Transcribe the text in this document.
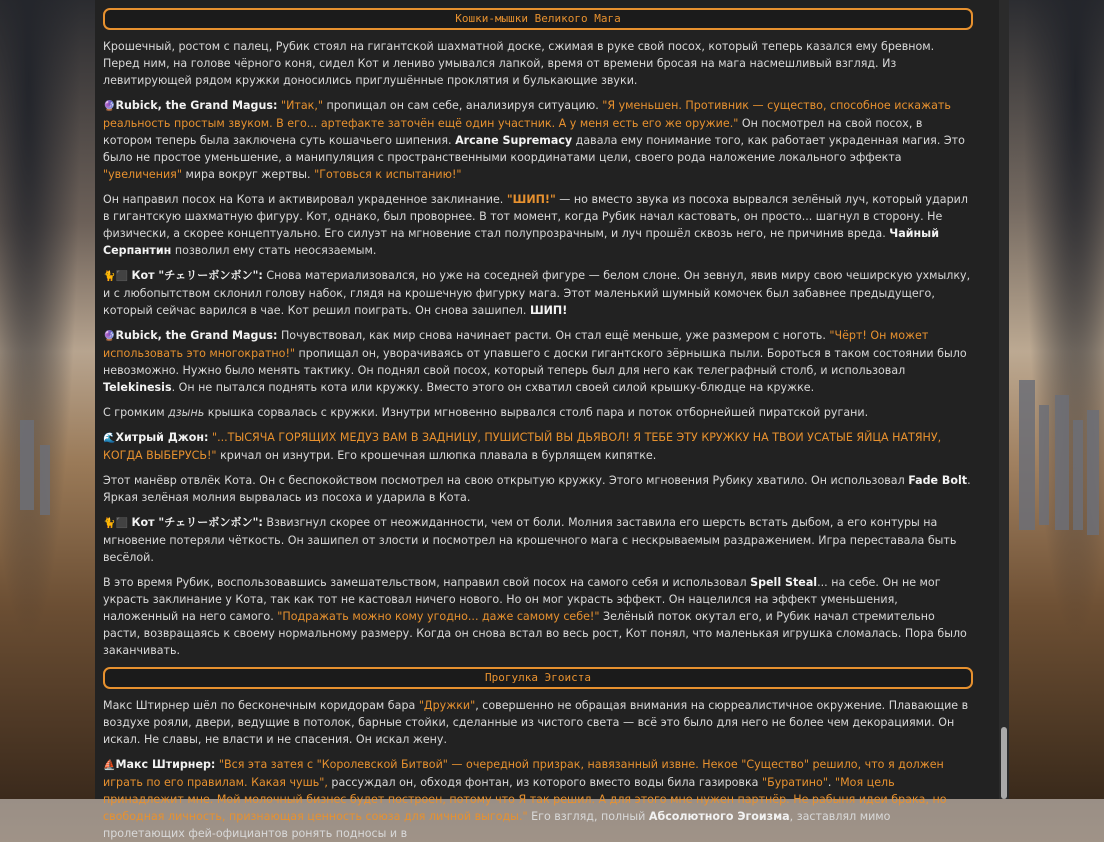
Кошки-мышки Великого Мага

Крошечный, ростом с палец, Рубик стоял на гигантской шахматной доске, сжимая в руке свой посох, который теперь казался ему бревном. Перед ним, на голове чёрного коня, сидел Кот и лениво умывался лапкой, время от времени бросая на мага насмешливый взгляд. Из левитирующей рядом кружки доносились приглушённые проклятия и булькающие звуки.

🔮Rubick, the Grand Magus: "Итак," пропищал он сам себе, анализируя ситуацию. "Я уменьшен. Противник — существо, способное искажать реальность простым звуком. В его... артефакте заточён ещё один участник. А у меня есть его же оружие." Он посмотрел на свой посох, в котором теперь была заключена суть кошачьего шипения. Arcane Supremacy давала ему понимание того, как работает украденная магия. Это было не простое уменьшение, а манипуляция с пространственными координатами цели, своего рода наложение локального эффекта "увеличения" мира вокруг жертвы. "Готовься к испытанию!"

Он направил посох на Кота и активировал украденное заклинание. "ШИП!" — но вместо звука из посоха вырвался зелёный луч, который ударил в гигантскую шахматную фигуру. Кот, однако, был проворнее. В тот момент, когда Рубик начал кастовать, он просто... шагнул в сторону. Не физически, а скорее концептуально. Его силуэт на мгновение стал полупрозрачным, и луч прошёл сквозь него, не причинив вреда. Чайный Серпантин позволил ему стать неосязаемым.

🐈⬛ Кот "チェリーボンボン": Снова материализовался, но уже на соседней фигуре — белом слоне. Он зевнул, явив миру свою чеширскую ухмылку, и с любопытством склонил голову набок, глядя на крошечную фигурку мага. Этот маленький шумный комочек был забавнее предыдущего, который сейчас варился в чае. Кот решил поиграть. Он снова зашипел. ШИП!

🔮Rubick, the Grand Magus: Почувствовал, как мир снова начинает расти. Он стал ещё меньше, уже размером с ноготь. "Чёрт! Он может использовать это многократно!" пропищал он, уворачиваясь от упавшего с доски гигантского зёрнышка пыли. Бороться в таком состоянии было невозможно. Нужно было менять тактику. Он поднял свой посох, который теперь был для него как телеграфный столб, и использовал Telekinesis. Он не пытался поднять кота или кружку. Вместо этого он схватил своей силой крышку-блюдце на кружке.

С громким дзынь крышка сорвалась с кружки. Изнутри мгновенно вырвался столб пара и поток отборнейшей пиратской ругани.

🌊Хитрый Джон: "...ТЫСЯЧА ГОРЯЩИХ МЕДУЗ ВАМ В ЗАДНИЦУ, ПУШИСТЫЙ ВЫ ДЬЯВОЛ! Я ТЕБЕ ЭТУ КРУЖКУ НА ТВОИ УСАТЫЕ ЯЙЦА НАТЯНУ, КОГДА ВЫБЕРУСЬ!" кричал он изнутри. Его крошечная шлюпка плавала в бурлящем кипятке.

Этот манёвр отвлёк Кота. Он с беспокойством посмотрел на свою открытую кружку. Этого мгновения Рубику хватило. Он использовал Fade Bolt. Яркая зелёная молния вырвалась из посоха и ударила в Кота.

🐈⬛ Кот "チェリーボンボン": Взвизгнул скорее от неожиданности, чем от боли. Молния заставила его шерсть встать дыбом, а его контуры на мгновение потеряли чёткость. Он зашипел от злости и посмотрел на крошечного мага с нескрываемым раздражением. Игра переставала быть весёлой.

В это время Рубик, воспользовавшись замешательством, направил свой посох на самого себя и использовал Spell Steal... на себе. Он не мог украсть заклинание у Кота, так как тот не кастовал ничего нового. Но он мог украсть эффект. Он нацелился на эффект уменьшения, наложенный на него самого. "Подражать можно кому угодно... даже самому себе!" Зелёный поток окутал его, и Рубик начал стремительно расти, возвращаясь к своему нормальному размеру. Когда он снова встал во весь рост, Кот понял, что маленькая игрушка сломалась. Пора было заканчивать.

Прогулка Эгоиста

Макс Штирнер шёл по бесконечным коридорам бара "Дружки", совершенно не обращая внимания на сюрреалистичное окружение. Плавающие в воздухе рояли, двери, ведущие в потолок, барные стойки, сделанные из чистого света — всё это было для него не более чем декорациями. Он искал. Не славы, не власти и не спасения. Он искал жену.

⛵Макс Штирнер: "Вся эта затея с "Королевской Битвой" — очередной призрак, навязанный извне. Некое "Существо" решило, что я должен играть по его правилам. Какая чушь", рассуждал он, обходя фонтан, из которого вместо воды била газировка "Буратино". "Моя цель принадлежит мне. Мой молочный бизнес будет построен, потому что Я так решил. А для этого мне нужен партнёр. Не рабыня идеи брака, но свободная личность, признающая ценность союза для личной выгоды." Его взгляд, полный Абсолютного Эгоизма, заставлял мимо пролетающих фей-официантов ронять подносы и в
